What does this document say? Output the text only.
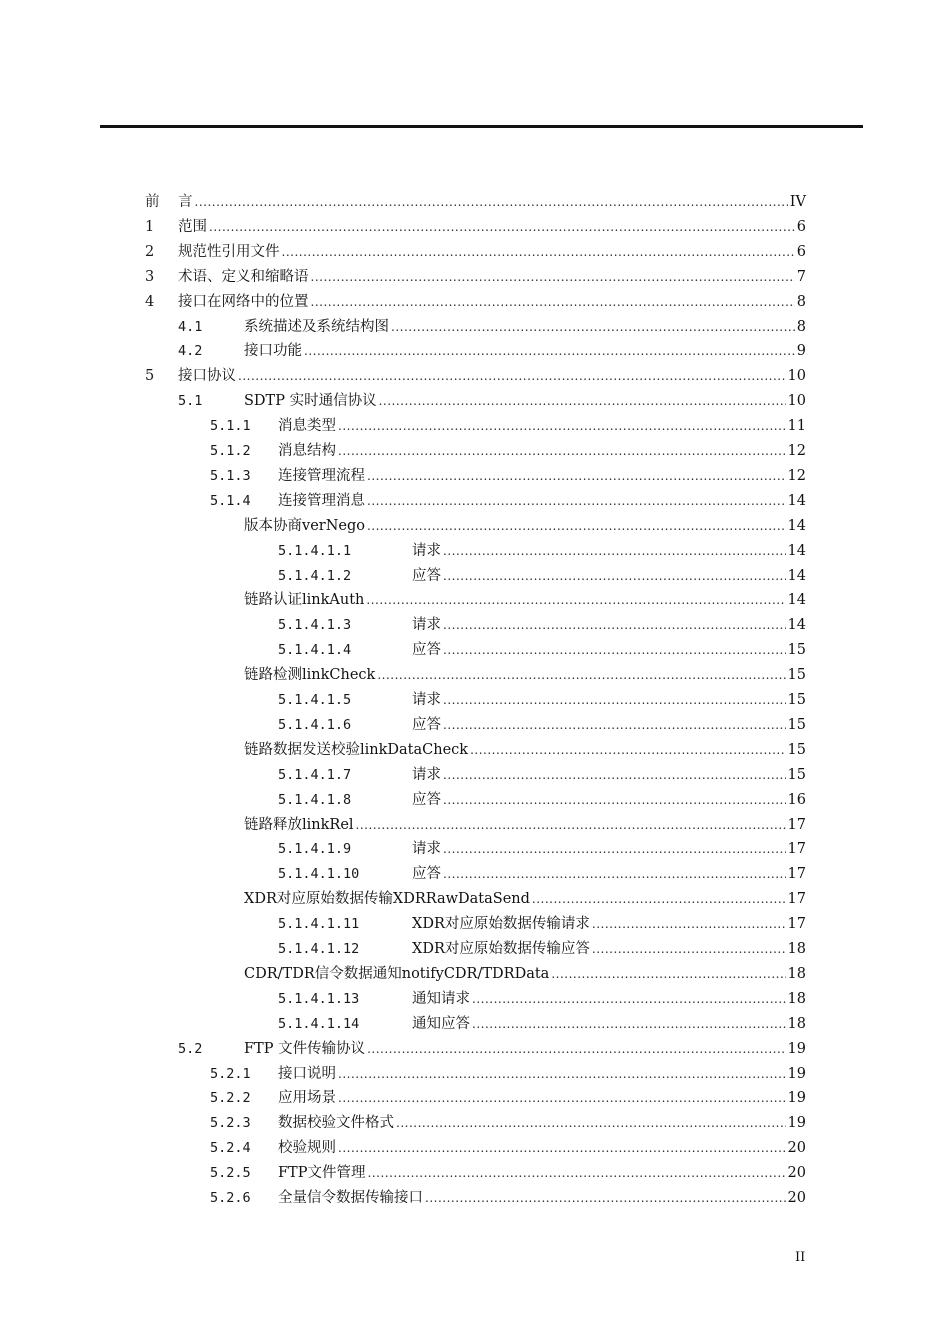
前	言 .....	IV
1	范围 .....	6
2	规范性引用文件 .....	6
3	术语、定义和缩略语 .....	7
4	接口在网络中的位置 .....	8
4.1	系统描述及系统结构图 .....	8
4.2	接口功能 .....	9
5	接口协议 .....	10
5.1	SDTP 实时通信协议 .....	10
5.1.1	消息类型 .....	11
5.1.2	消息结构 .....	12
5.1.3	连接管理流程 .....	12
5.1.4	连接管理消息 .....	14
版本协商verNego .....	14
5.1.4.1.1	请求 .....	14
5.1.4.1.2	应答 .....	14
链路认证linkAuth .....	14
5.1.4.1.3	请求 .....	14
5.1.4.1.4	应答 .....	15
链路检测linkCheck .....	15
5.1.4.1.5	请求 .....	15
5.1.4.1.6	应答 .....	15
链路数据发送校验linkDataCheck .....	15
5.1.4.1.7	请求 .....	15
5.1.4.1.8	应答 .....	16
链路释放linkRel .....	17
5.1.4.1.9	请求 .....	17
5.1.4.1.10	应答 .....	17
XDR对应原始数据传输XDRRawDataSend .....	17
5.1.4.1.11	XDR对应原始数据传输请求 .....	17
5.1.4.1.12	XDR对应原始数据传输应答 .....	18
CDR/TDR信令数据通知notifyCDR/TDRData .....	18
5.1.4.1.13	通知请求 .....	18
5.1.4.1.14	通知应答 .....	18
5.2	FTP 文件传输协议 .....	19
5.2.1	接口说明 .....	19
5.2.2	应用场景 .....	19
5.2.3	数据校验文件格式 .....	19
5.2.4	校验规则 .....	20
5.2.5	FTP文件管理 .....	20
5.2.6	全量信令数据传输接口 .....	20
II
